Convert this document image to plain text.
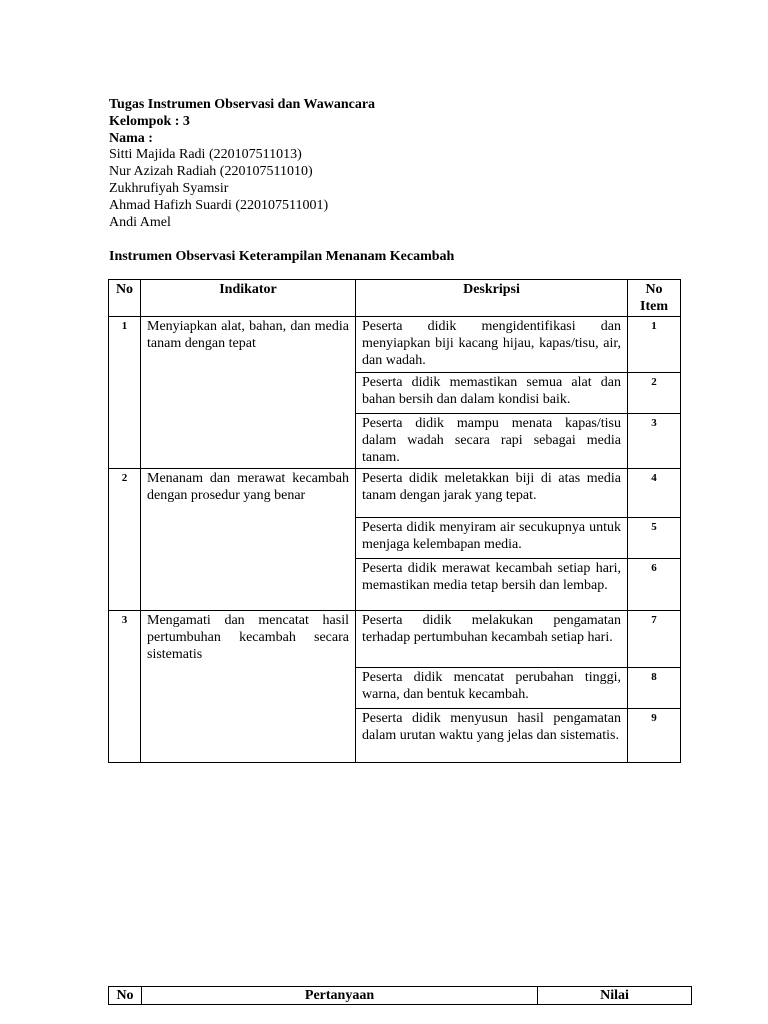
Tugas Instrumen Observasi dan Wawancara
Kelompok : 3
Nama :
Sitti Majida Radi (220107511013)
Nur Azizah Radiah (220107511010)
Zukhrufiyah Syamsir
Ahmad Hafizh Suardi (220107511001)
Andi Amel
Instrumen Observasi Keterampilan Menanam Kecambah
No	Indikator	Deskripsi	No Item
1	Menyiapkan alat, bahan, dan media tanam dengan tepat	Peserta didik mengidentifikasi dan menyiapkan biji kacang hijau, kapas/tisu, air, dan wadah.	1
		Peserta didik memastikan semua alat dan bahan bersih dan dalam kondisi baik.	2
		Peserta didik mampu menata kapas/tisu dalam wadah secara rapi sebagai media tanam.	3
2	Menanam dan merawat kecambah dengan prosedur yang benar	Peserta didik meletakkan biji di atas media tanam dengan jarak yang tepat.	4
		Peserta didik menyiram air secukupnya untuk menjaga kelembapan media.	5
		Peserta didik merawat kecambah setiap hari, memastikan media tetap bersih dan lembap.	6
3	Mengamati dan mencatat hasil pertumbuhan kecambah secara sistematis	Peserta didik melakukan pengamatan terhadap pertumbuhan kecambah setiap hari.	7
		Peserta didik mencatat perubahan tinggi, warna, dan bentuk kecambah.	8
		Peserta didik menyusun hasil pengamatan dalam urutan waktu yang jelas dan sistematis.	9
No	Pertanyaan	Nilai
